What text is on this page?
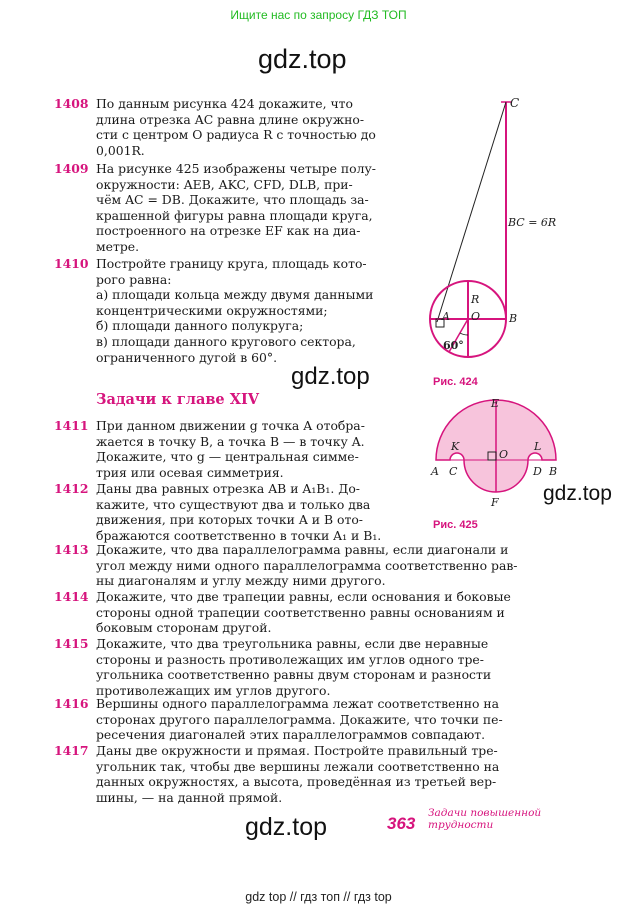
Ищите нас по запросу ГДЗ ТОП
gdz.top
gdz.top
gdz.top
gdz.top
1408 По данным рисунка 424 докажите, что
длина отрезка AC равна длине окружно-
сти с центром O радиуса R с точностью до
0,001R.
1409 На рисунке 425 изображены четыре полу-
окружности: AEB, AKC, CFD, DLB, при-
чём AC = DB. Докажите, что площадь за-
крашенной фигуры равна площади круга,
построенного на отрезке EF как на диа-
метре.
1410 Постройте границу круга, площадь кото-
рого равна:
а) площади кольца между двумя данными
концентрическими окружностями;
б) площади данного полукруга;
в) площади данного кругового сектора,
ограниченного дугой в 60°.
Задачи к главе XIV
1411 При данном движении g точка A отобра-
жается в точку B, а точка B — в точку A.
Докажите, что g — центральная симме-
трия или осевая симметрия.
1412 Даны два равных отрезка AB и A₁B₁. До-
кажите, что существуют два и только два
движения, при которых точки A и B ото-
бражаются соответственно в точки A₁ и B₁.
1413 Докажите, что два параллелограмма равны, если диагонали и
угол между ними одного параллелограмма соответственно рав-
ны диагоналям и углу между ними другого.
1414 Докажите, что две трапеции равны, если основания и боковые
стороны одной трапеции соответственно равны основаниям и
боковым сторонам другой.
1415 Докажите, что два треугольника равны, если две неравные
стороны и разность противолежащих им углов одного тре-
угольника соответственно равны двум сторонам и разности
противолежащих им углов другого.
1416 Вершины одного параллелограмма лежат соответственно на
сторонах другого параллелограмма. Докажите, что точки пе-
ресечения диагоналей этих параллелограммов совпадают.
1417 Даны две окружности и прямая. Постройте правильный тре-
угольник так, чтобы две вершины лежали соответственно на
данных окружностях, а высота, проведённая из третьей вер-
шины, — на данной прямой.
C
BC = 6R
R
A O	B
60°
Рис. 424
E
K	L
O
A C	D B
F
Рис. 425
363
Задачи повышенной
трудности
gdz top // гдз топ // гдз top
